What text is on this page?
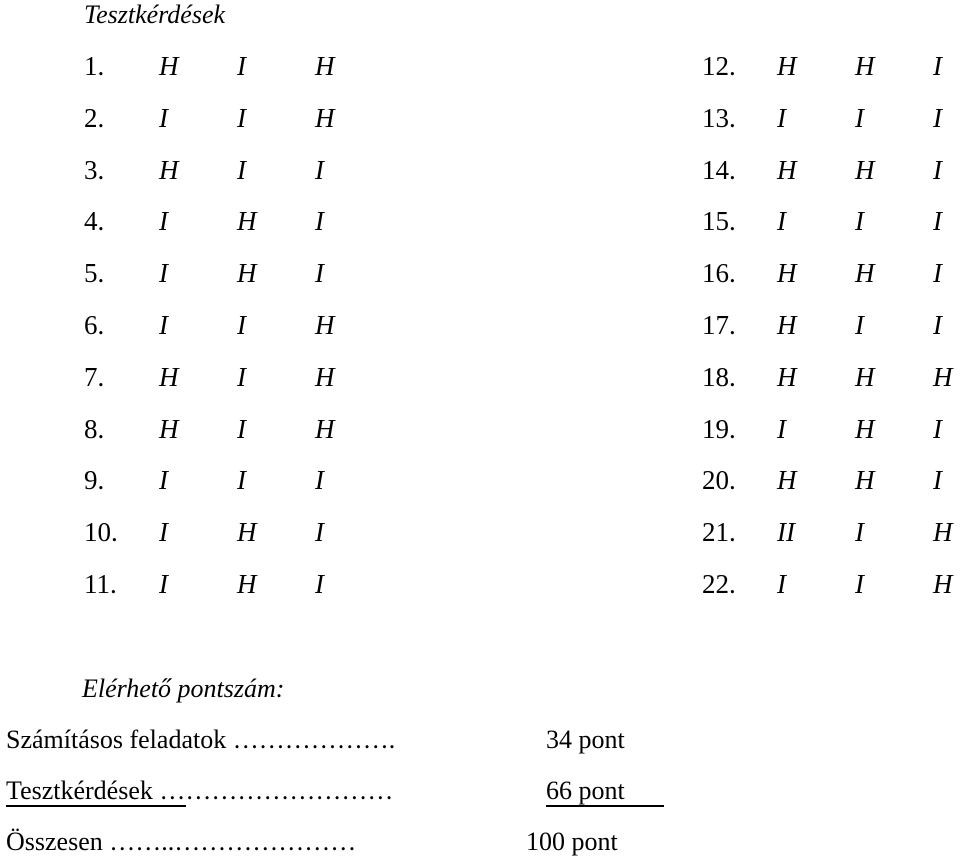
Tesztkérdések
1. H I	H
2. I	I	H
3. H I	I
4. I	H I
5. I	H I
6. I	I	H
7. H I	H
8. H I	H
9. I	I	I
10. I	H I
11. I	H I
12. H H I
13. I	I	I
14. H H I
15. I	I	I
16. H H I
17. H I	I
18. H H H
19. I	H I
20. H H I
21. II I	H
22. I	I	H
Elérhető pontszám:
Számításos feladatok ……………….	34 pont
Tesztkérdések ………………………	66 pont
Összesen ……..…………………	100 pont
